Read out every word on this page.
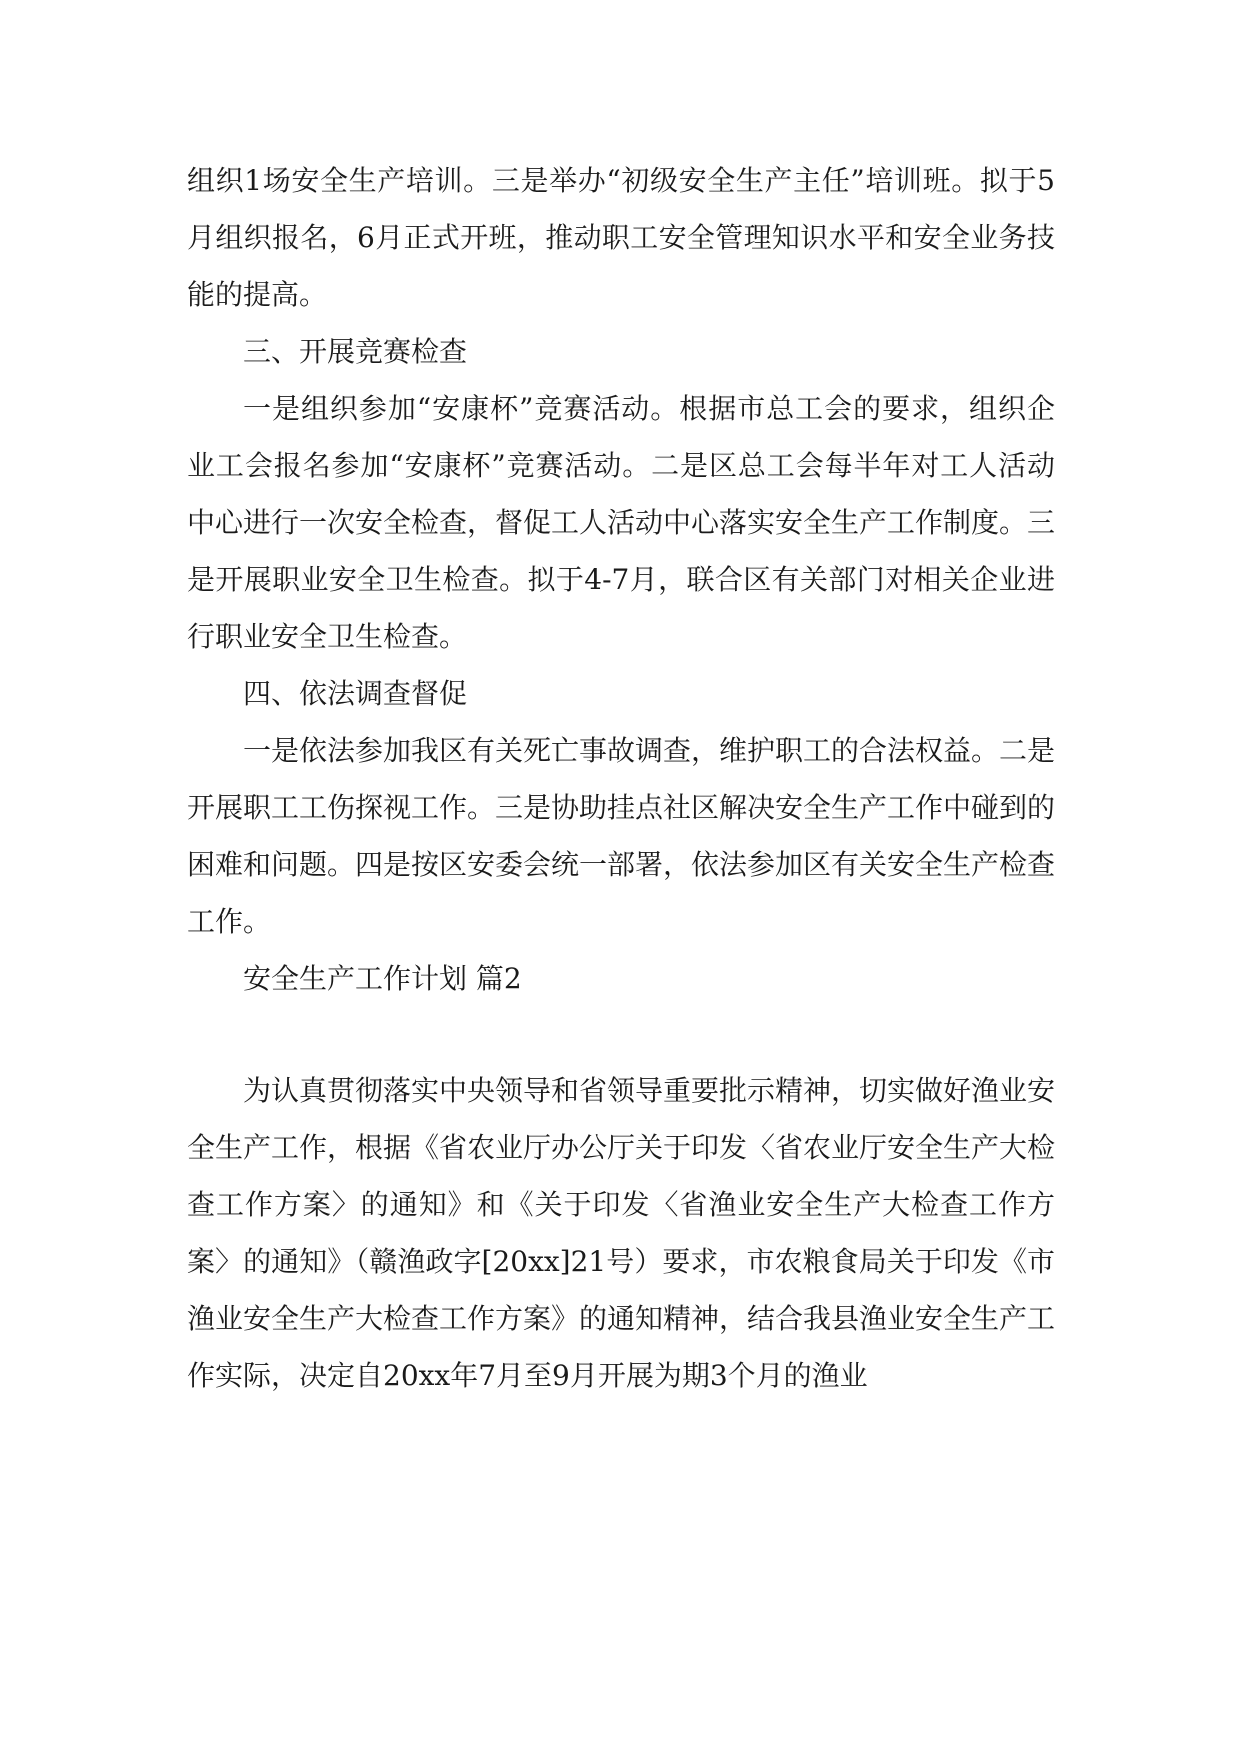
组织1场安全生产培训。三是举办“初级安全生产主任”培训班。拟于5月组织报名，6月正式开班，推动职工安全管理知识水平和安全业务技能的提高。

三、开展竞赛检查

一是组织参加“安康杯”竞赛活动。根据市总工会的要求，组织企业工会报名参加“安康杯”竞赛活动。二是区总工会每半年对工人活动中心进行一次安全检查，督促工人活动中心落实安全生产工作制度。三是开展职业安全卫生检查。拟于4-7月，联合区有关部门对相关企业进行职业安全卫生检查。

四、依法调查督促

一是依法参加我区有关死亡事故调查，维护职工的合法权益。二是开展职工工伤探视工作。三是协助挂点社区解决安全生产工作中碰到的困难和问题。四是按区安委会统一部署，依法参加区有关安全生产检查工作。

安全生产工作计划 篇2

为认真贯彻落实中央领导和省领导重要批示精神，切实做好渔业安全生产工作，根据《省农业厅办公厅关于印发〈省农业厅安全生产大检查工作方案〉的通知》和《关于印发〈省渔业安全生产大检查工作方案〉的通知》（赣渔政字[20xx]21号）要求，市农粮食局关于印发《市渔业安全生产大检查工作方案》的通知精神，结合我县渔业安全生产工作实际，决定自20xx年7月至9月开展为期3个月的渔业
